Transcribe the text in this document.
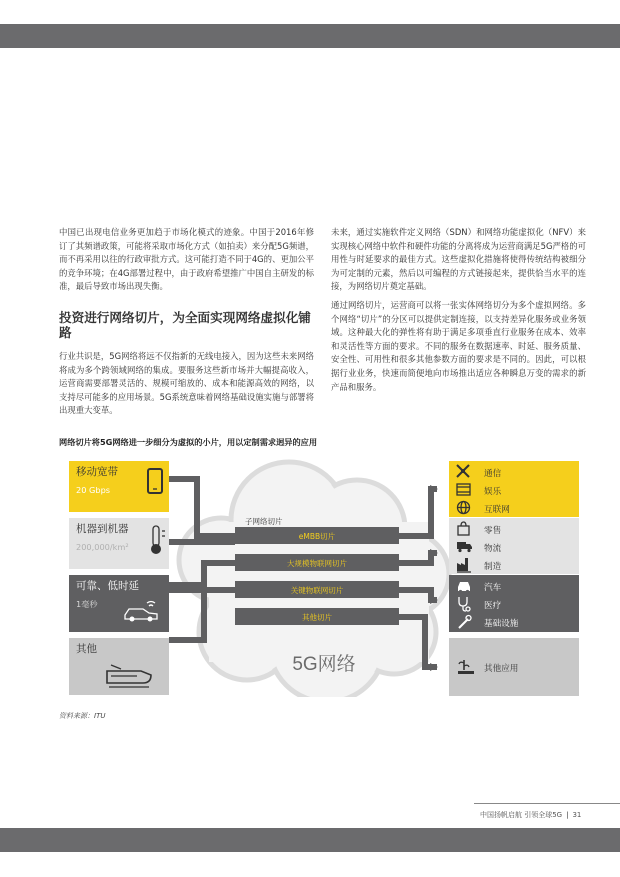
中国已出现电信业务更加趋于市场化模式的迹象。中国于2016年修订了其频谱政策，可能将采取市场化方式（如拍卖）来分配5G频谱，而不再采用以往的行政审批方式。这可能打造不同于4G的、更加公平的竞争环境；在4G部署过程中，由于政府希望推广中国自主研发的标准，最后导致市场出现失衡。

投资进行网络切片，为全面实现网络虚拟化铺路

行业共识是，5G网络将远不仅指新的无线电接入，因为这些未来网络将成为多个跨领域网络的集成。要服务这些新市场并大幅提高收入，运营商需要部署灵活的、规模可缩放的、成本和能源高效的网络，以支持尽可能多的应用场景。5G系统意味着网络基础设施实施与部署将出现重大变革。

未来，通过实施软件定义网络（SDN）和网络功能虚拟化（NFV）来实现核心网络中软件和硬件功能的分离将成为运营商满足5G严格的可用性与时延要求的最佳方式。这些虚拟化措施将使得传统结构被细分为可定制的元素，然后以可编程的方式链接起来，提供恰当水平的连接，为网络切片奠定基础。

通过网络切片，运营商可以将一张实体网络切分为多个虚拟网络。多个网络“切片”的分区可以提供定制连接，以支持差异化服务或业务领域。这种最大化的弹性将有助于满足多项垂直行业服务在成本、效率和灵活性等方面的要求。不同的服务在数据速率、时延、服务质量、安全性、可用性和很多其他参数方面的要求是不同的。因此，可以根据行业业务，快速而简便地向市场推出适应各种瞬息万变的需求的新产品和服务。

网络切片将5G网络进一步细分为虚拟的小片，用以定制需求迥异的应用
5G网络
子网络切片
eMBB切片
大规模物联网切片
关键物联网切片
其他切片
移动宽带
20 Gbps
机器到机器
200,000/km²
可靠、低时延
1毫秒
其他
通信
娱乐
互联网
零售
物流
制造
汽车
医疗
基础设施
其他应用
资料来源：ITU
中国扬帆启航 引领全球5G | 31
